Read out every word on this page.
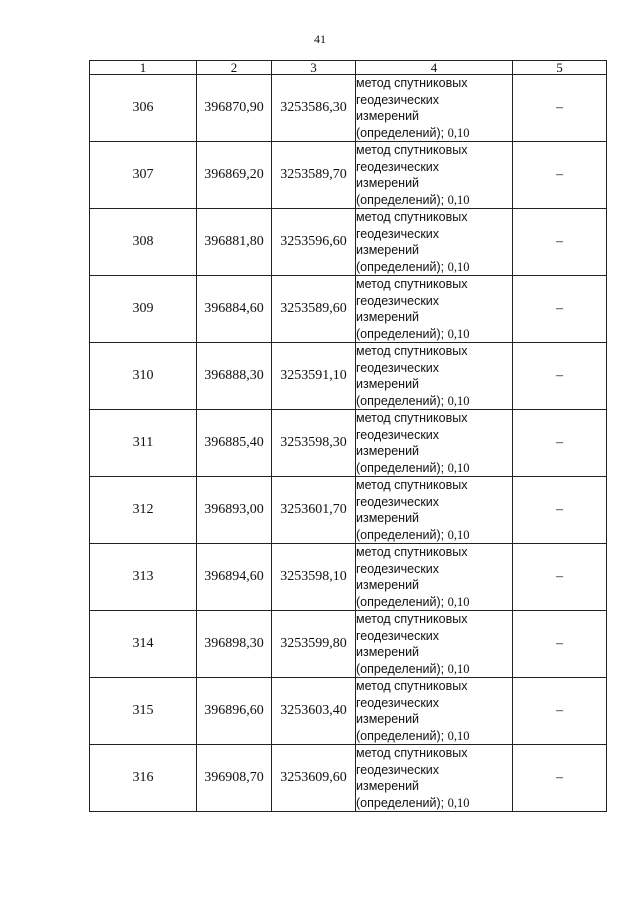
41
1	2	3	4	5
306	396870,90	3253586,30	метод спутниковых
геодезических
измерений
(определений); 0,10	–
307	396869,20	3253589,70	метод спутниковых
геодезических
измерений
(определений); 0,10	–
308	396881,80	3253596,60	метод спутниковых
геодезических
измерений
(определений); 0,10	–
309	396884,60	3253589,60	метод спутниковых
геодезических
измерений
(определений); 0,10	–
310	396888,30	3253591,10	метод спутниковых
геодезических
измерений
(определений); 0,10	–
311	396885,40	3253598,30	метод спутниковых
геодезических
измерений
(определений); 0,10	–
312	396893,00	3253601,70	метод спутниковых
геодезических
измерений
(определений); 0,10	–
313	396894,60	3253598,10	метод спутниковых
геодезических
измерений
(определений); 0,10	–
314	396898,30	3253599,80	метод спутниковых
геодезических
измерений
(определений); 0,10	–
315	396896,60	3253603,40	метод спутниковых
геодезических
измерений
(определений); 0,10	–
316	396908,70	3253609,60	метод спутниковых
геодезических
измерений
(определений); 0,10	–
